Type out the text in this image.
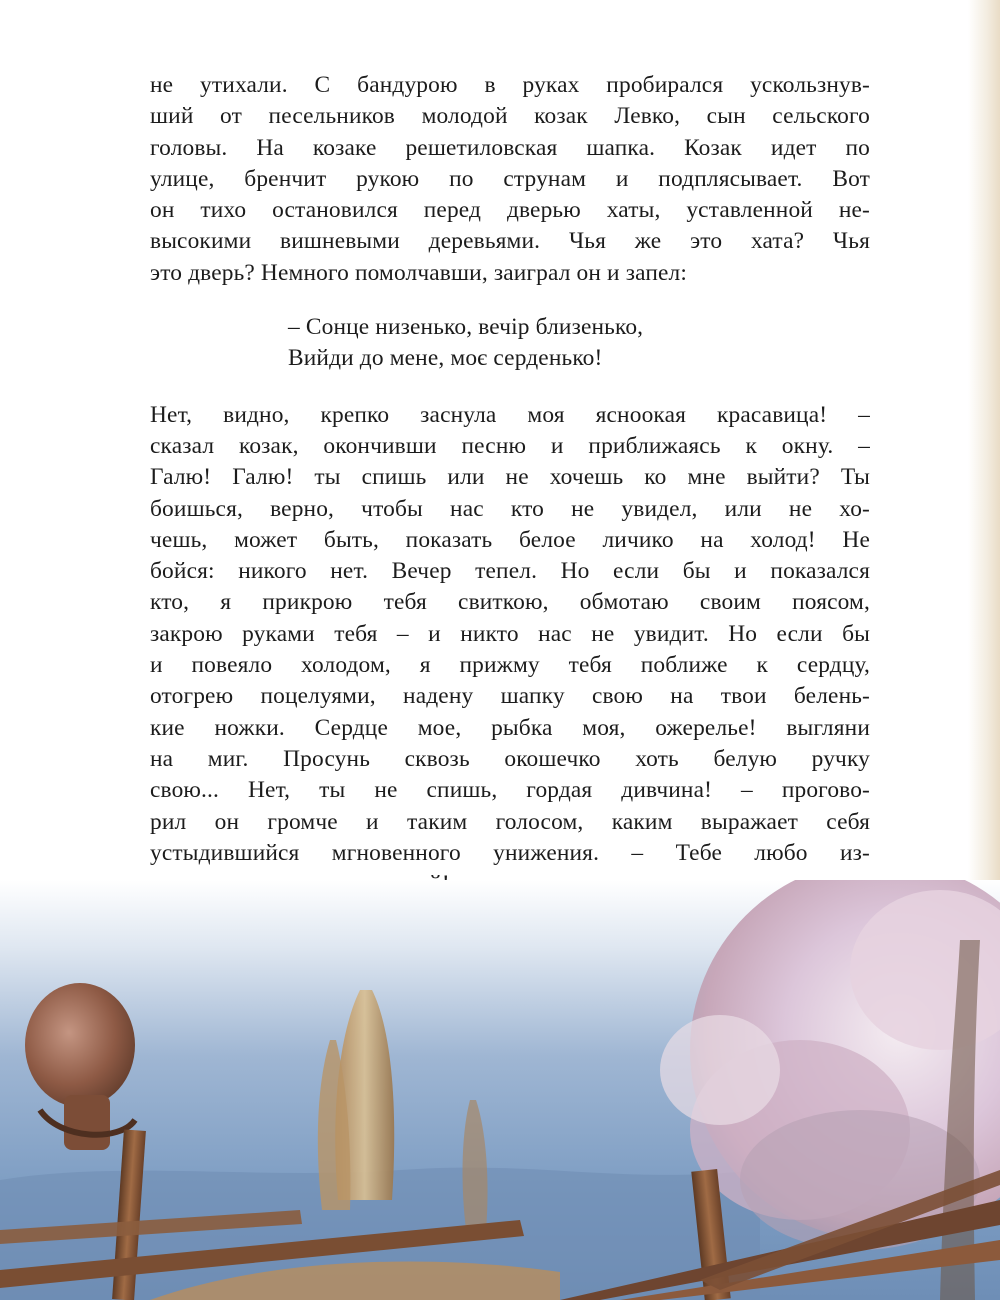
не утихали. С бандурою в руках пробирался ускользнув-
ший от песельников молодой козак Левко, сын сельского
головы. На козаке решетиловская шапка. Козак идет по
улице, бренчит рукою по струнам и подплясывает. Вот
он тихо остановился перед дверью хаты, уставленной не-
высокими вишневыми деревьями. Чья же это хата? Чья
это дверь? Немного помолчавши, заиграл он и запел:
– Сонце низенько, вечір близенько,
Вийди до мене, моє серденько!
Нет, видно, крепко заснула моя ясноокая красавица! –
сказал козак, окончивши песню и приближаясь к окну. –
Галю! Галю! ты спишь или не хочешь ко мне выйти? Ты
боишься, верно, чтобы нас кто не увидел, или не хо-
чешь, может быть, показать белое личико на холод! Не
бойся: никого нет. Вечер тепел. Но если бы и показался
кто, я прикрою тебя свиткою, обмотаю своим поясом,
закрою руками тебя – и никто нас не увидит. Но если бы
и повеяло холодом, я прижму тебя поближе к сердцу,
отогрею поцелуями, надену шапку свою на твои белень-
кие ножки. Сердце мое, рыбка моя, ожерелье! выгляни
на миг. Просунь сквозь окошечко хоть белую ручку
свою... Нет, ты не спишь, гордая дивчина! – прогово-
рил он громче и таким голосом, каким выражает себя
устыдившийся мгновенного унижения. – Тебе любо из-
